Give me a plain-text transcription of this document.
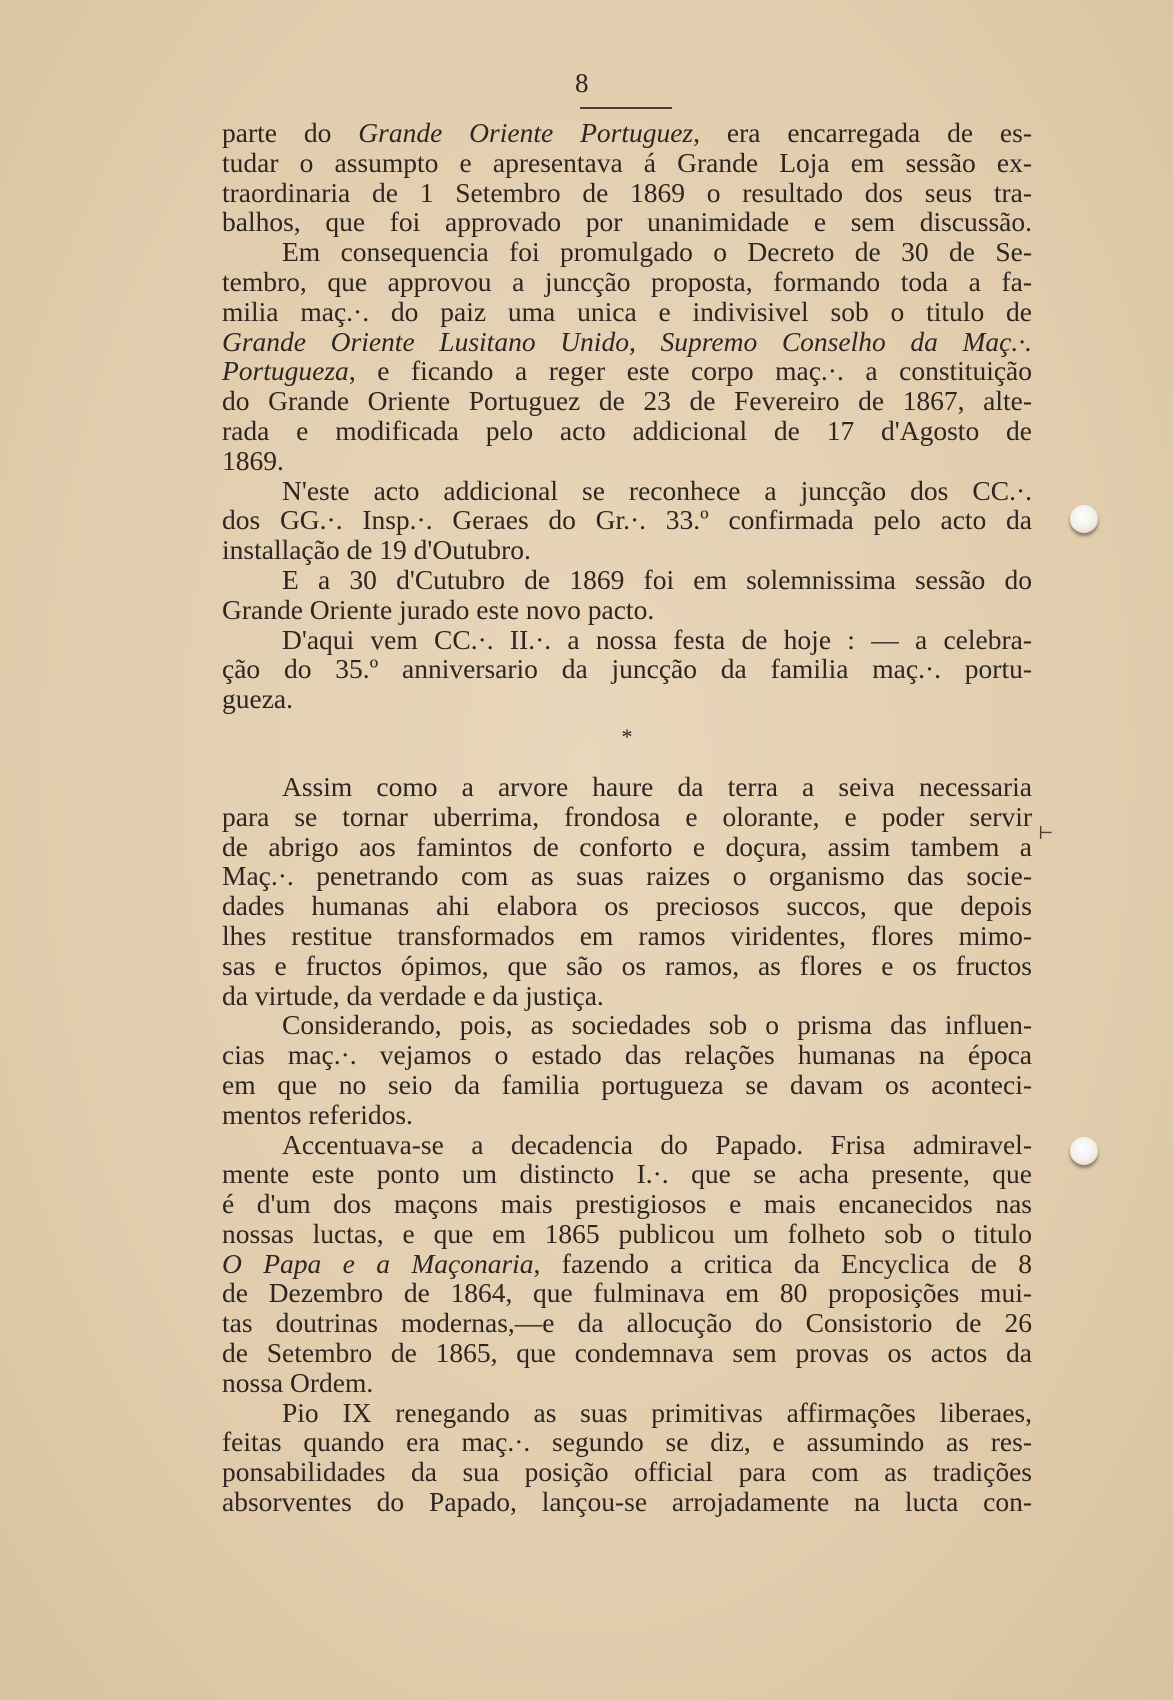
8
⊢
parte do Grande Oriente Portuguez, era encarregada de es-
tudar o assumpto e apresentava á Grande Loja em sessão ex-
traordinaria de 1 Setembro de 1869 o resultado dos seus tra-
balhos, que foi approvado por unanimidade e sem discussão.
Em consequencia foi promulgado o Decreto de 30 de Se-
tembro, que approvou a juncção proposta, formando toda a fa-
milia maç.·. do paiz uma unica e indivisivel sob o titulo de
Grande Oriente Lusitano Unido, Supremo Conselho da Maç.·.
Portugueza, e ficando a reger este corpo maç.·. a constituição
do Grande Oriente Portuguez de 23 de Fevereiro de 1867, alte-
rada e modificada pelo acto addicional de 17 d'Agosto de
1869.
N'este acto addicional se reconhece a juncção dos CC.·.
dos GG.·. Insp.·. Geraes do Gr.·. 33.º confirmada pelo acto da
installação de 19 d'Outubro.
E a 30 d'Cutubro de 1869 foi em solemnissima sessão do
Grande Oriente jurado este novo pacto.
D'aqui vem CC.·. II.·. a nossa festa de hoje : — a celebra-
ção do 35.º anniversario da juncção da familia maç.·. portu-
gueza.
*
Assim como a arvore haure da terra a seiva necessaria
para se tornar uberrima, frondosa e olorante, e poder servir
de abrigo aos famintos de conforto e doçura, assim tambem a
Maç.·. penetrando com as suas raizes o organismo das socie-
dades humanas ahi elabora os preciosos succos, que depois
lhes restitue transformados em ramos viridentes, flores mimo-
sas e fructos ópimos, que são os ramos, as flores e os fructos
da virtude, da verdade e da justiça.
Considerando, pois, as sociedades sob o prisma das influen-
cias maç.·. vejamos o estado das relações humanas na época
em que no seio da familia portugueza se davam os aconteci-
mentos referidos.
Accentuava-se a decadencia do Papado. Frisa admiravel-
mente este ponto um distincto I.·. que se acha presente, que
é d'um dos maçons mais prestigiosos e mais encanecidos nas
nossas luctas, e que em 1865 publicou um folheto sob o titulo
O Papa e a Maçonaria, fazendo a critica da Encyclica de 8
de Dezembro de 1864, que fulminava em 80 proposições mui-
tas doutrinas modernas,—e da allocução do Consistorio de 26
de Setembro de 1865, que condemnava sem provas os actos da
nossa Ordem.
Pio IX renegando as suas primitivas affirmações liberaes,
feitas quando era maç.·. segundo se diz, e assumindo as res-
ponsabilidades da sua posição official para com as tradições
absorventes do Papado, lançou-se arrojadamente na lucta con-
